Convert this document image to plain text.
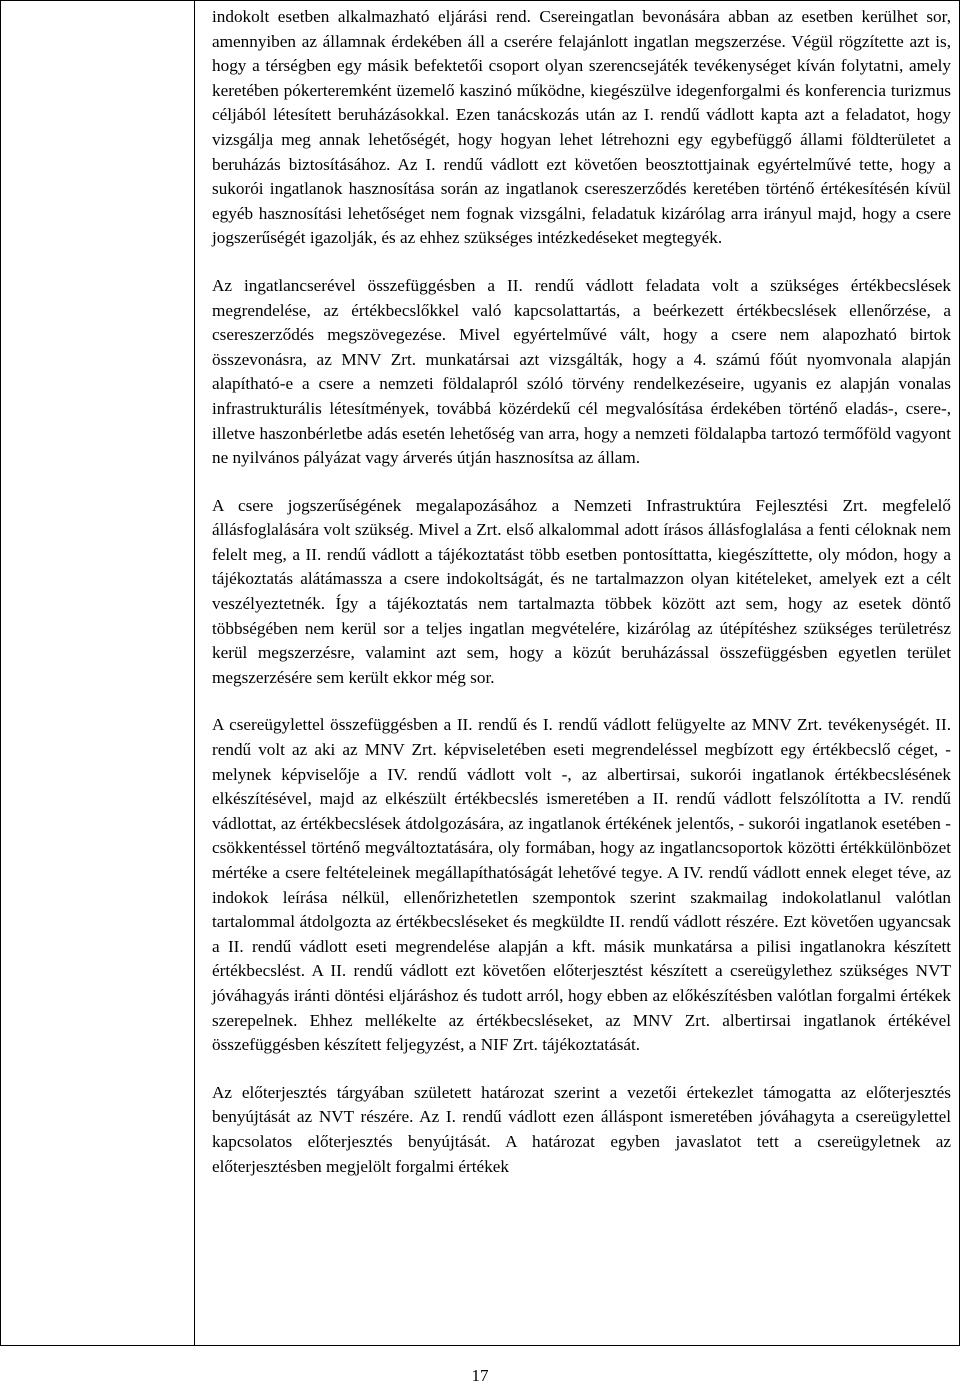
indokolt esetben alkalmazható eljárási rend. Csereingatlan bevonására abban az esetben kerülhet sor, amennyiben az államnak érdekében áll a cserére felajánlott ingatlan megszerzése. Végül rögzítette azt is, hogy a térségben egy másik befektetői csoport olyan szerencsejáték tevékenységet kíván folytatni, amely keretében pókerteremként üzemelő kaszinó működne, kiegészülve idegenforgalmi és konferencia turizmus céljából létesített beruházásokkal. Ezen tanácskozás után az I. rendű vádlott kapta azt a feladatot, hogy vizsgálja meg annak lehetőségét, hogy hogyan lehet létrehozni egy egybefüggő állami földterületet a beruházás biztosításához. Az I. rendű vádlott ezt követően beosztottjainak egyértelművé tette, hogy a sukorói ingatlanok hasznosítása során az ingatlanok csereszerződés keretében történő értékesítésén kívül egyéb hasznosítási lehetőséget nem fognak vizsgálni, feladatuk kizárólag arra irányul majd, hogy a csere jogszerűségét igazolják, és az ehhez szükséges intézkedéseket megtegyék.

Az ingatlancserével összefüggésben a II. rendű vádlott feladata volt a szükséges értékbecslések megrendelése, az értékbecslőkkel való kapcsolattartás, a beérkezett értékbecslések ellenőrzése, a csereszerződés megszövegezése. Mivel egyértelművé vált, hogy a csere nem alapozható birtok összevonásra, az MNV Zrt. munkatársai azt vizsgálták, hogy a 4. számú főút nyomvonala alapján alapítható-e a csere a nemzeti földalapról szóló törvény rendelkezéseire, ugyanis ez alapján vonalas infrastrukturális létesítmények, továbbá közérdekű cél megvalósítása érdekében történő eladás-, csere-, illetve haszonbérletbe adás esetén lehetőség van arra, hogy a nemzeti földalapba tartozó termőföld vagyont ne nyilvános pályázat vagy árverés útján hasznosítsa az állam.

A csere jogszerűségének megalapozásához a Nemzeti Infrastruktúra Fejlesztési Zrt. megfelelő állásfoglalására volt szükség. Mivel a Zrt. első alkalommal adott írásos állásfoglalása a fenti céloknak nem felelt meg, a II. rendű vádlott a tájékoztatást több esetben pontosíttatta, kiegészíttette, oly módon, hogy a tájékoztatás alátámassza a csere indokoltságát, és ne tartalmazzon olyan kitételeket, amelyek ezt a célt veszélyeztetnék. Így a tájékoztatás nem tartalmazta többek között azt sem, hogy az esetek döntő többségében nem kerül sor a teljes ingatlan megvételére, kizárólag az útépítéshez szükséges területrész kerül megszerzésre, valamint azt sem, hogy a közút beruházással összefüggésben egyetlen terület megszerzésére sem került ekkor még sor.

A csereügylettel összefüggésben a II. rendű és I. rendű vádlott felügyelte az MNV Zrt. tevékenységét. II. rendű volt az aki az MNV Zrt. képviseletében eseti megrendeléssel megbízott egy értékbecslő céget, - melynek képviselője a IV. rendű vádlott volt -, az albertirsai, sukorói ingatlanok értékbecslésének elkészítésével, majd az elkészült értékbecslés ismeretében a II. rendű vádlott felszólította a IV. rendű vádlottat, az értékbecslések átdolgozására, az ingatlanok értékének jelentős, - sukorói ingatlanok esetében - csökkentéssel történő megváltoztatására, oly formában, hogy az ingatlancsoportok közötti értékkülönbözet mértéke a csere feltételeinek megállapíthatóságát lehetővé tegye. A IV. rendű vádlott ennek eleget téve, az indokok leírása nélkül, ellenőrizhetetlen szempontok szerint szakmailag indokolatlanul valótlan tartalommal átdolgozta az értékbecsléseket és megküldte II. rendű vádlott részére. Ezt követően ugyancsak a II. rendű vádlott eseti megrendelése alapján a kft. másik munkatársa a pilisi ingatlanokra készített értékbecslést. A II. rendű vádlott ezt követően előterjesztést készített a csereügylethez szükséges NVT jóváhagyás iránti döntési eljáráshoz és tudott arról, hogy ebben az előkészítésben valótlan forgalmi értékek szerepelnek. Ehhez mellékelte az értékbecsléseket, az MNV Zrt. albertirsai ingatlanok értékével összefüggésben készített feljegyzést, a NIF Zrt. tájékoztatását.

Az előterjesztés tárgyában született határozat szerint a vezetői értekezlet támogatta az előterjesztés benyújtását az NVT részére. Az I. rendű vádlott ezen álláspont ismeretében jóváhagyta a csereügylettel kapcsolatos előterjesztés benyújtását. A határozat egyben javaslatot tett a csereügyletnek az előterjesztésben megjelölt forgalmi értékek

17
